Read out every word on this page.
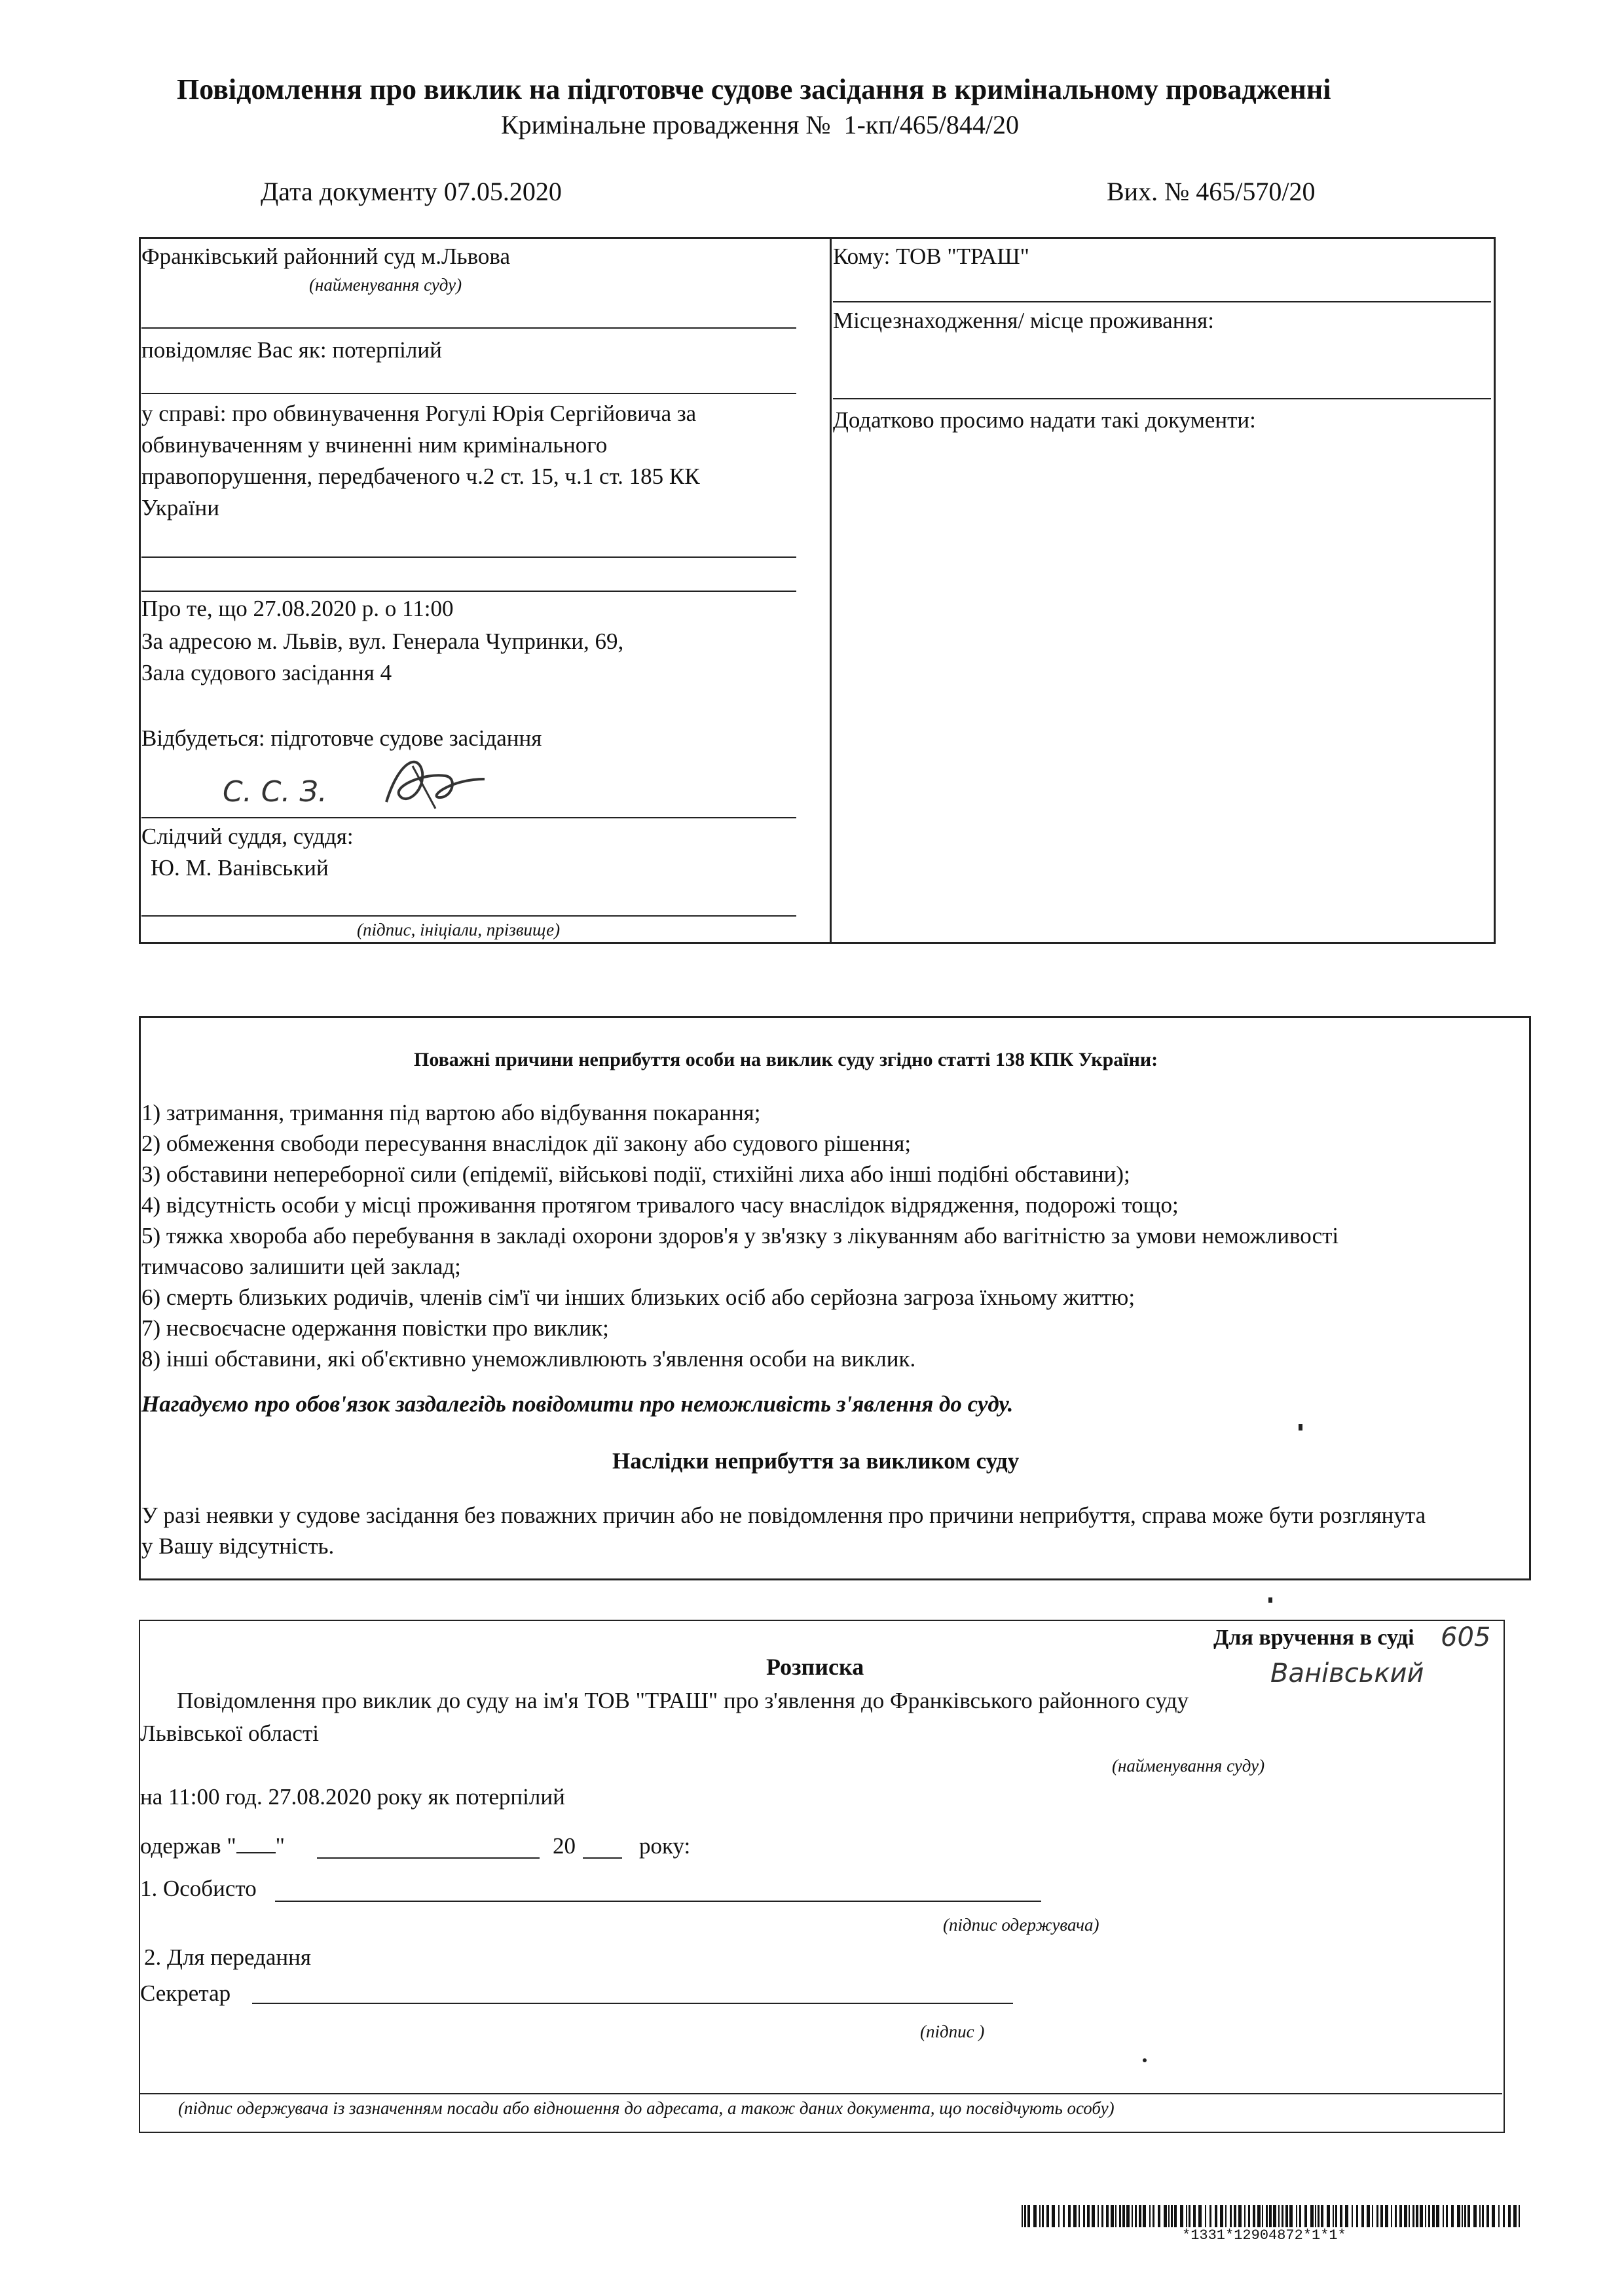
Повідомлення про виклик на підготовче судове засідання в кримінальному провадженні
Кримінальне провадження № 1-кп/465/844/20
Дата документу 07.05.2020	Вих. № 465/570/20
Франківський районний суд м.Львова
(найменування суду)
повідомляє Вас як: потерпілий
у справі: про обвинувачення Рогулі Юрія Сергійовича за
обвинуваченням у вчиненні ним кримінального
правопорушення, передбаченого ч.2 ст. 15, ч.1 ст. 185 КК
України
Про те, що 27.08.2020 р. о 11:00
За адресою м. Львів, вул. Генерала Чупринки, 69,
Зала судового засідання 4
Відбудеться: підготовче судове засідання
С. С. З.
Слідчий суддя, суддя:
Ю. М. Ванівський
(підпис, ініціали, прізвище)
Кому: ТОВ "ТРАШ"
Місцезнаходження/ місце проживання:
Додатково просимо надати такі документи:
Поважні причини неприбуття особи на виклик суду згідно статті 138 КПК України:
1) затримання, тримання під вартою або відбування покарання;
2) обмеження свободи пересування внаслідок дії закону або судового рішення;
3) обставини непереборної сили (епідемії, військові події, стихійні лиха або інші подібні обставини);
4) відсутність особи у місці проживання протягом тривалого часу внаслідок відрядження, подорожі тощо;
5) тяжка хвороба або перебування в закладі охорони здоров'я у зв'язку з лікуванням або вагітністю за умови неможливості
тимчасово залишити цей заклад;
6) смерть близьких родичів, членів сім'ї чи інших близьких осіб або серйозна загроза їхньому життю;
7) несвоєчасне одержання повістки про виклик;
8) інші обставини, які об'єктивно унеможливлюють з'явлення особи на виклик.
Нагадуємо про обов'язок заздалегідь повідомити про неможливість з'явлення до суду.
Наслідки неприбуття за викликом суду
У разі неявки у судове засідання без поважних причин або не повідомлення про причини неприбуття, справа може бути розглянута
у Вашу відсутність.
Для вручення в суді 605
Ванівський
Розписка
Повідомлення про виклик до суду на ім'я ТОВ "ТРАШ" про з'явлення до Франківського районного суду
Львівської області
(найменування суду)
на 11:00 год. 27.08.2020 року як потерпілий
одержав " "	20	року:
1. Особисто
(підпис одержувача)
2. Для передання
Секретар
(підпис )
(підпис одержувача із зазначенням посади або відношення до адресата, а також даних документа, що посвідчують особу)
*1331*12904872*1*1*
